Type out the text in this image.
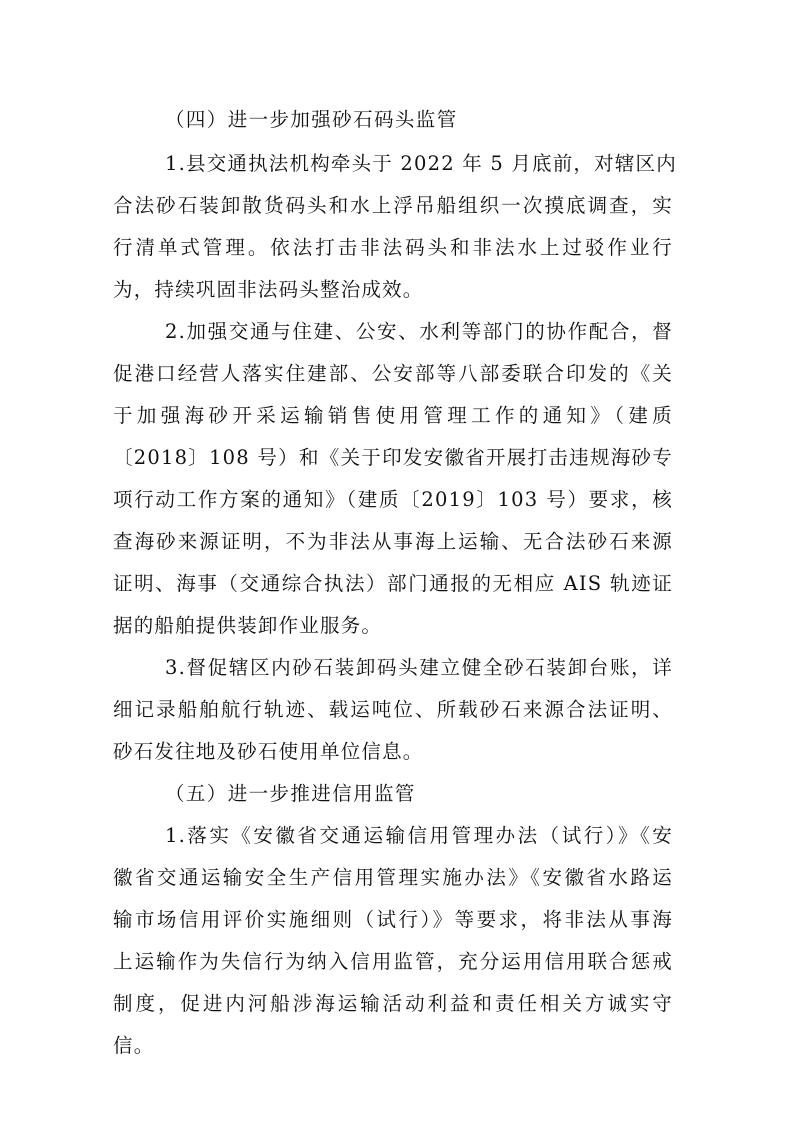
（四）进一步加强砂石码头监管
1.县交通执法机构牵头于 2022 年 5 月底前，对辖区内
合法砂石装卸散货码头和水上浮吊船组织一次摸底调查，实
行清单式管理。依法打击非法码头和非法水上过驳作业行
为，持续巩固非法码头整治成效。
2.加强交通与住建、公安、水利等部门的协作配合，督
促港口经营人落实住建部、公安部等八部委联合印发的《关
于加强海砂开采运输销售使用管理工作的通知》（建质
〔2018〕108 号）和《关于印发安徽省开展打击违规海砂专
项行动工作方案的通知》（建质〔2019〕103 号）要求，核
查海砂来源证明，不为非法从事海上运输、无合法砂石来源
证明、海事（交通综合执法）部门通报的无相应 AIS 轨迹证
据的船舶提供装卸作业服务。
3.督促辖区内砂石装卸码头建立健全砂石装卸台账，详
细记录船舶航行轨迹、载运吨位、所载砂石来源合法证明、
砂石发往地及砂石使用单位信息。
（五）进一步推进信用监管
1.落实《安徽省交通运输信用管理办法（试行）》《安
徽省交通运输安全生产信用管理实施办法》《安徽省水路运
输市场信用评价实施细则（试行）》等要求，将非法从事海
上运输作为失信行为纳入信用监管，充分运用信用联合惩戒
制度，促进内河船涉海运输活动利益和责任相关方诚实守
信。
